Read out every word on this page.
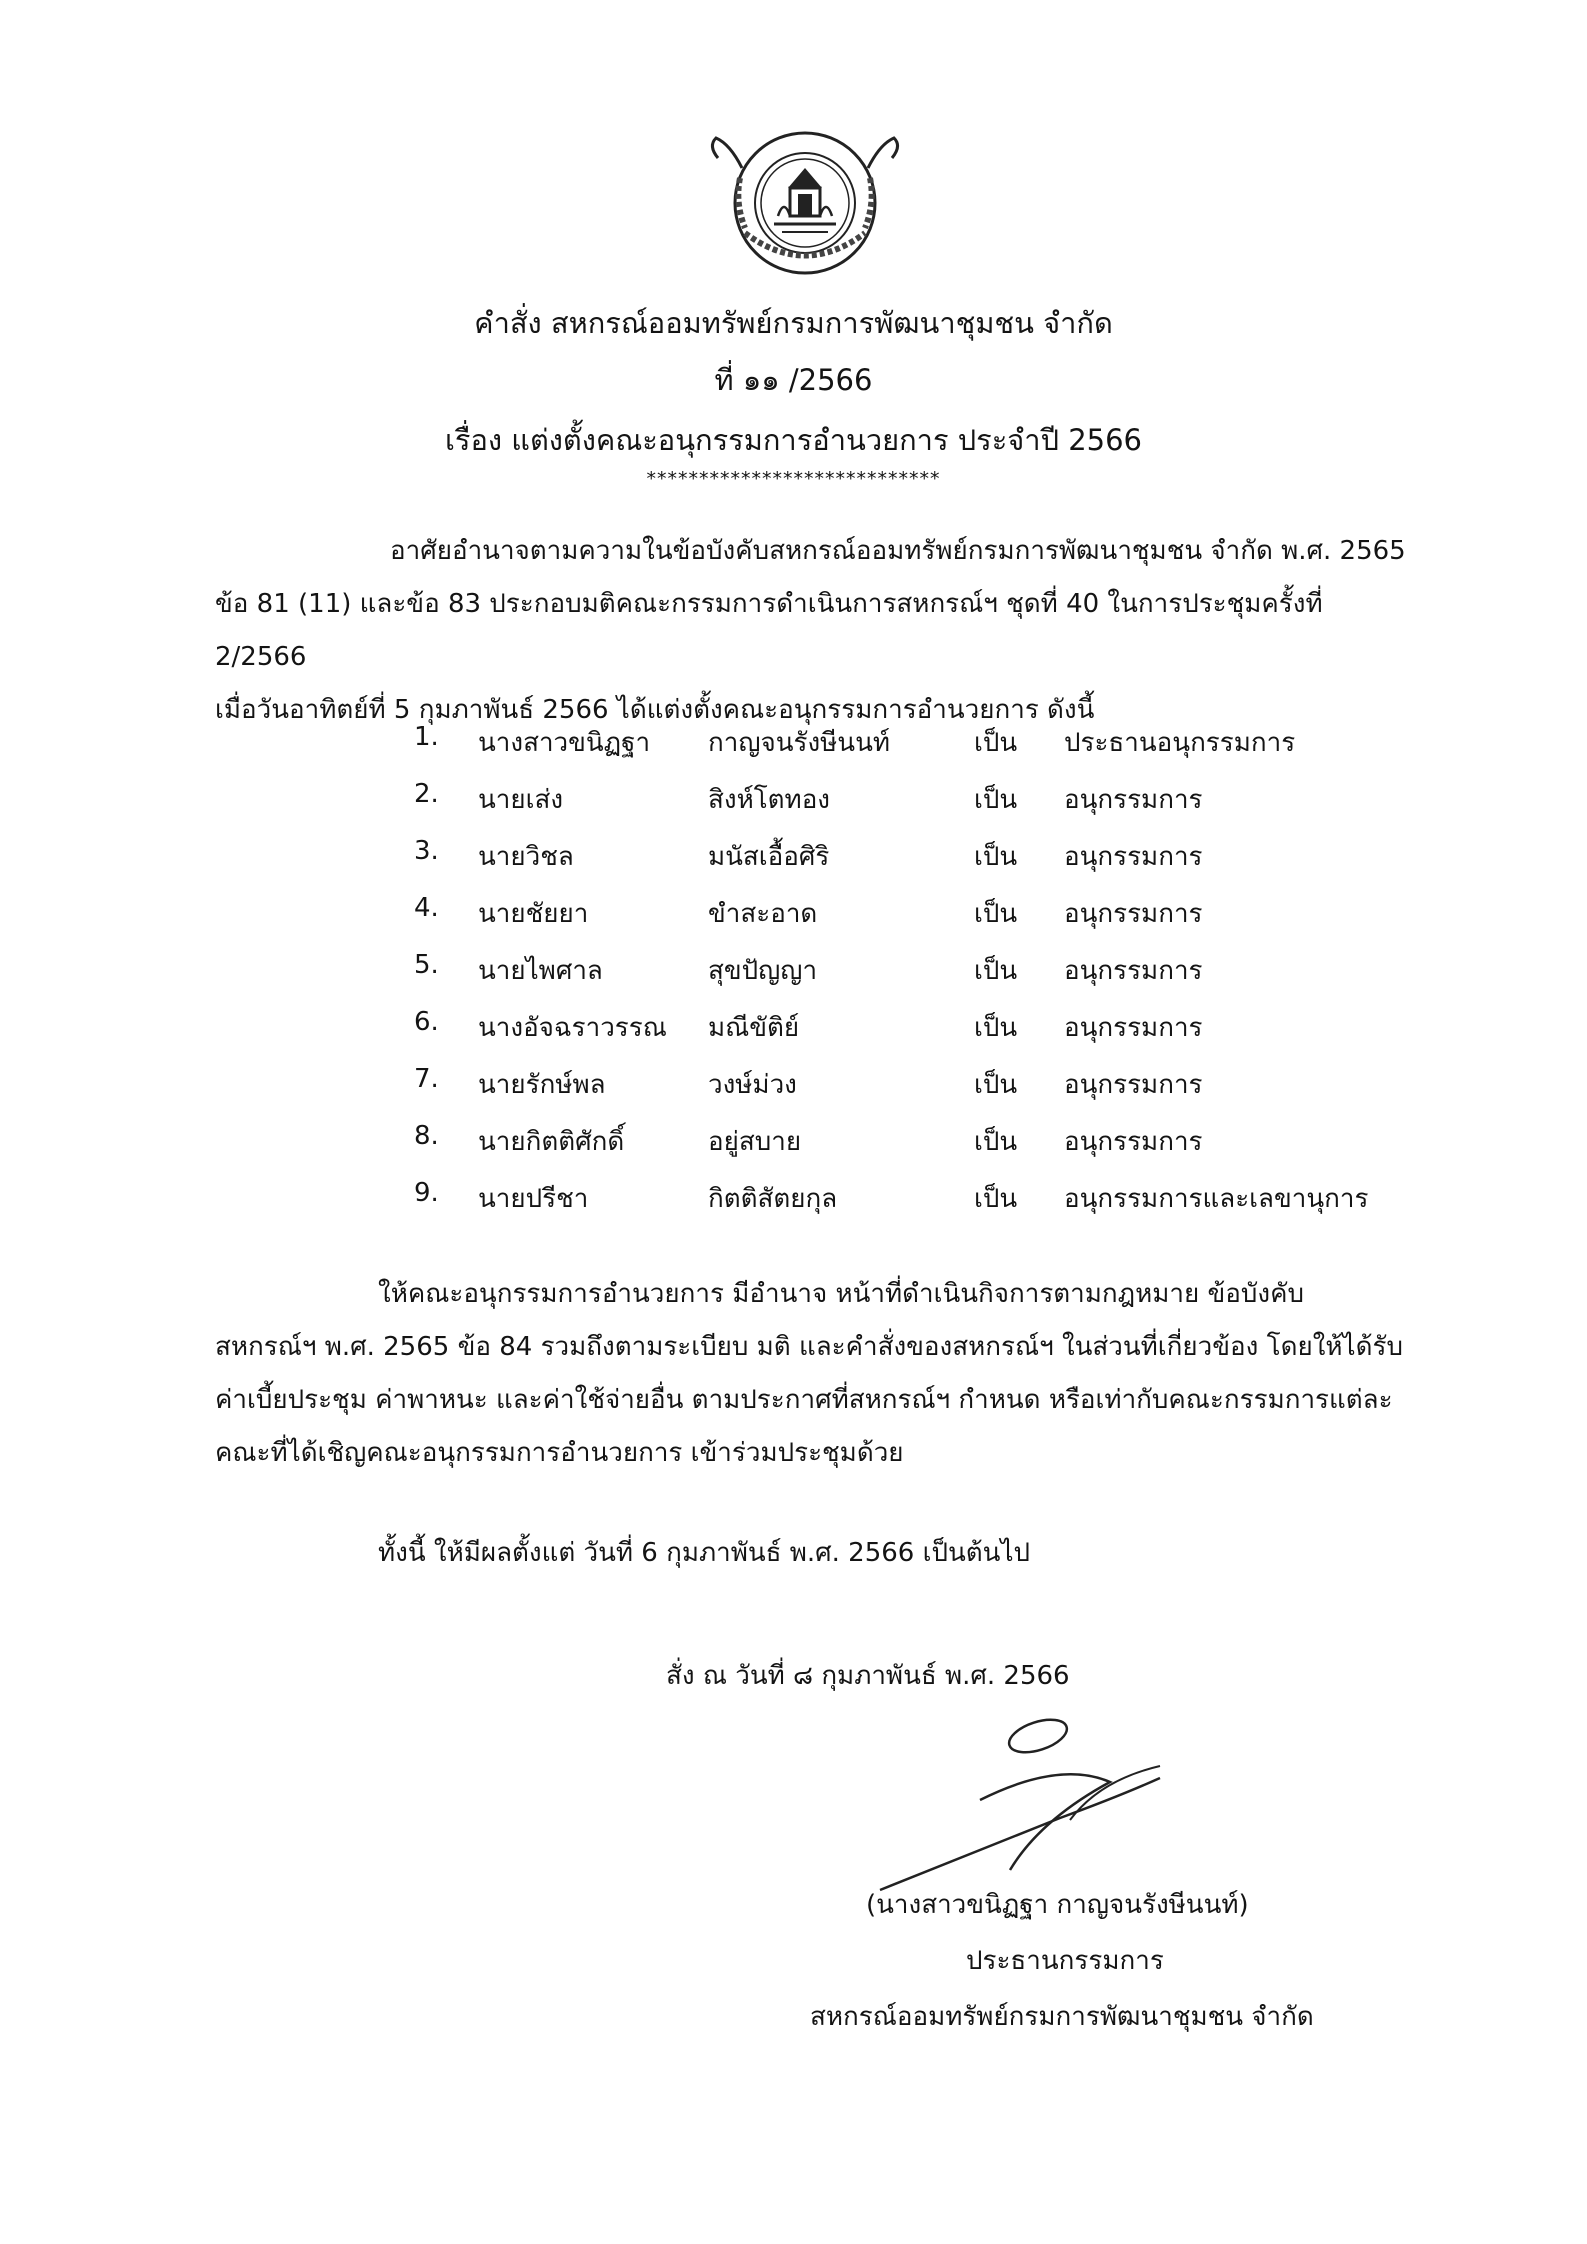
คำสั่ง สหกรณ์ออมทรัพย์กรมการพัฒนาชุมชน จำกัด
ที่ ๑๑ /2566
เรื่อง แต่งตั้งคณะอนุกรรมการอำนวยการ ประจำปี 2566
****************************
อาศัยอำนาจตามความในข้อบังคับสหกรณ์ออมทรัพย์กรมการพัฒนาชุมชน จำกัด พ.ศ. 2565
ข้อ 81 (11) และข้อ 83 ประกอบมติคณะกรรมการดำเนินการสหกรณ์ฯ ชุดที่ 40 ในการประชุมครั้งที่ 2/2566
เมื่อวันอาทิตย์ที่ 5 กุมภาพันธ์ 2566 ได้แต่งตั้งคณะอนุกรรมการอำนวยการ ดังนี้
1. นางสาวขนิฏฐา กาญจนรังษีนนท์	เป็น ประธานอนุกรรมการ
2. นายเส่ง	สิงห์โตทอง	เป็น อนุกรรมการ
3. นายวิชล	มนัสเอื้อศิริ	เป็น อนุกรรมการ
4. นายชัยยา	ขำสะอาด	เป็น อนุกรรมการ
5. นายไพศาล	สุขปัญญา	เป็น อนุกรรมการ
6. นางอัจฉราวรรณ มณีขัติย์	เป็น อนุกรรมการ
7. นายรักษ์พล	วงษ์ม่วง	เป็น อนุกรรมการ
8. นายกิตติศักดิ์	อยู่สบาย	เป็น อนุกรรมการ
9. นายปรีชา	กิตติสัตยกุล	เป็น อนุกรรมการและเลขานุการ
ให้คณะอนุกรรมการอำนวยการ มีอำนาจ หน้าที่ดำเนินกิจการตามกฎหมาย ข้อบังคับ
สหกรณ์ฯ พ.ศ. 2565 ข้อ 84 รวมถึงตามระเบียบ มติ และคำสั่งของสหกรณ์ฯ ในส่วนที่เกี่ยวข้อง โดยให้ได้รับ
ค่าเบี้ยประชุม ค่าพาหนะ และค่าใช้จ่ายอื่น ตามประกาศที่สหกรณ์ฯ กำหนด หรือเท่ากับคณะกรรมการแต่ละ
คณะที่ได้เชิญคณะอนุกรรมการอำนวยการ เข้าร่วมประชุมด้วย
ทั้งนี้ ให้มีผลตั้งแต่ วันที่ 6 กุมภาพันธ์ พ.ศ. 2566 เป็นต้นไป
สั่ง ณ วันที่ ๘ กุมภาพันธ์ พ.ศ. 2566
(นางสาวขนิฏฐา กาญจนรังษีนนท์)
ประธานกรรมการ
สหกรณ์ออมทรัพย์กรมการพัฒนาชุมชน จำกัด
